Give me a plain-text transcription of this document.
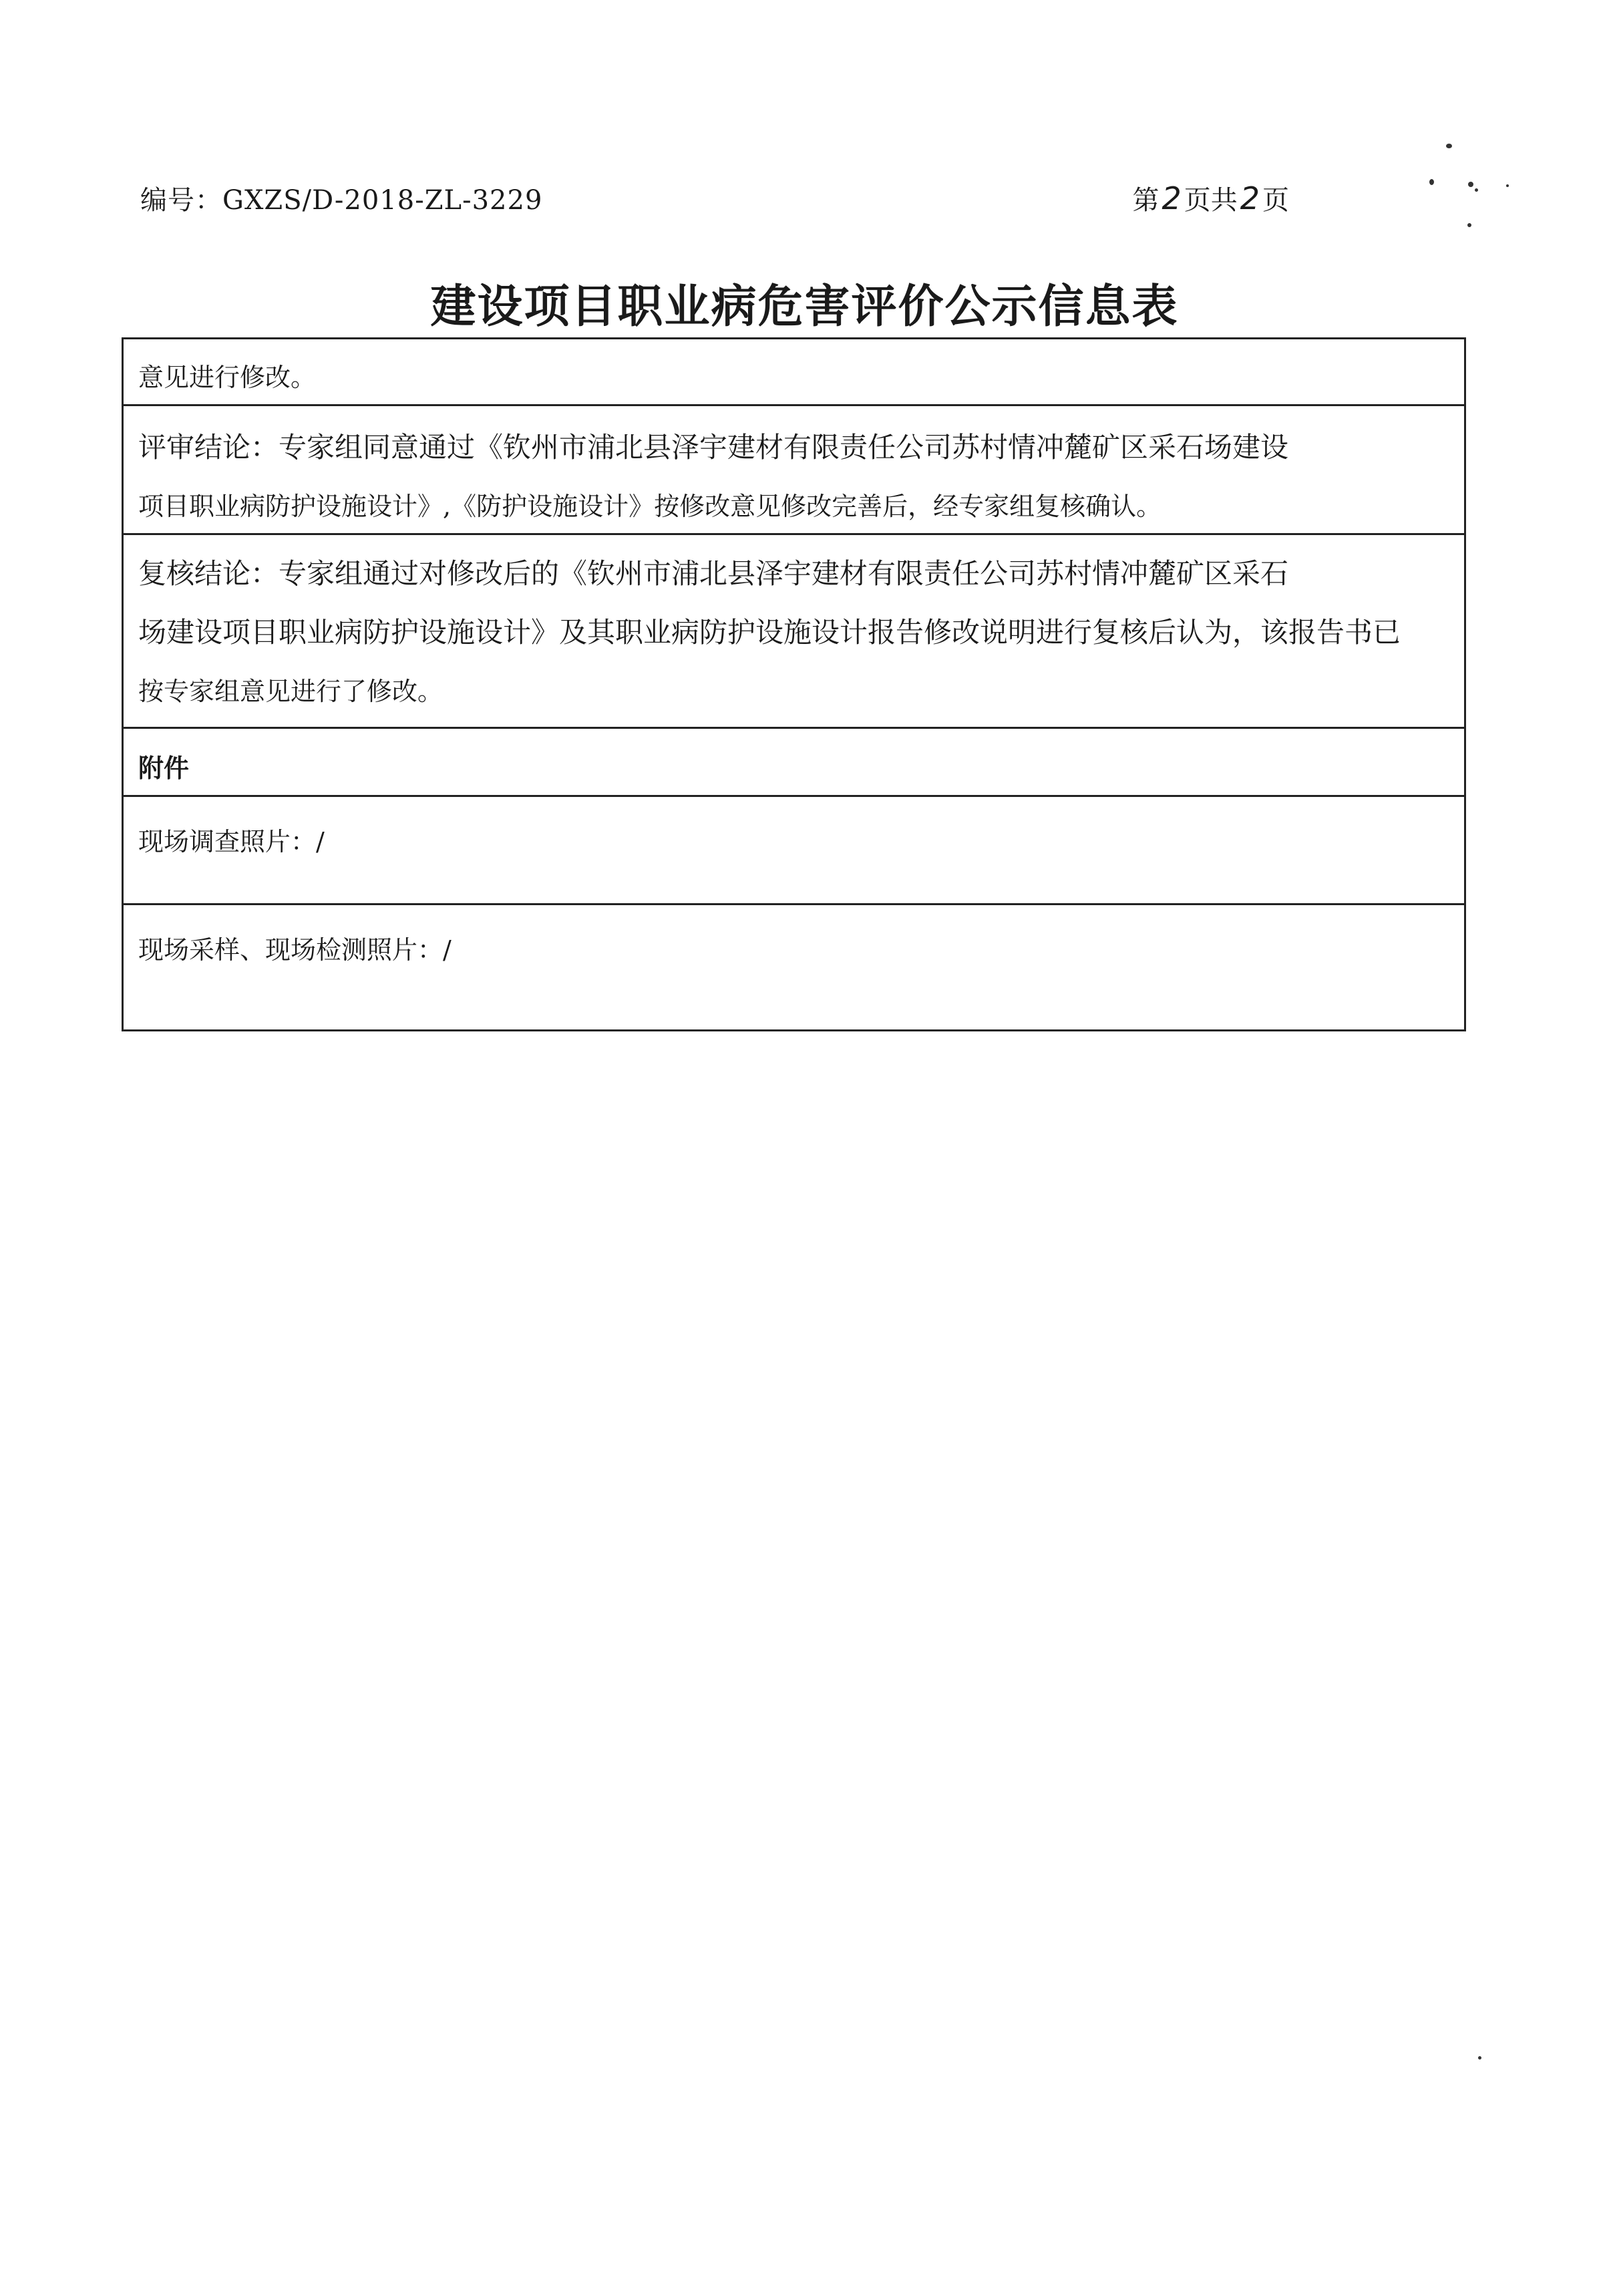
编号：GXZS/D-2018-ZL-3229	第2 页共2 页
建设项目职业病危害评价公示信息表

意见进行修改。

评审结论：专家组同意通过《钦州市浦北县泽宇建材有限责任公司苏村情冲麓矿区采石场建设

项目职业病防护设施设计》,《防护设施设计》按修改意见修改完善后，经专家组复核确认。

复核结论：专家组通过对修改后的《钦州市浦北县泽宇建材有限责任公司苏村情冲麓矿区采石

场建设项目职业病防护设施设计》及其职业病防护设施设计报告修改说明进行复核后认为，该报告书已

按专家组意见进行了修改。

附件

现场调查照片：/

现场采样、现场检测照片：/
